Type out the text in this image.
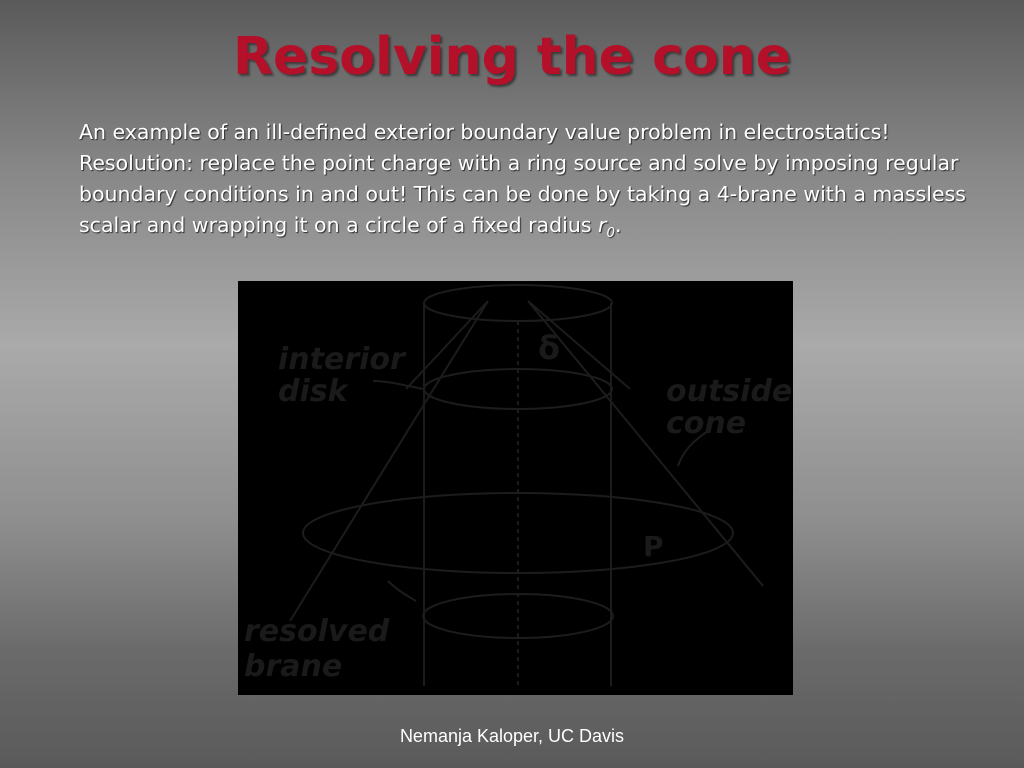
Resolving the cone

An example of an ill-defined exterior boundary value problem in electrostatics! Resolution: replace the point charge with a ring source and solve by imposing regular boundary conditions in and out! This can be done by taking a 4-brane with a massless scalar and wrapping it on a circle of a fixed radius $r_0$.

interior
disk	outside
cone
resolved
brane
δ
P
Nemanja Kaloper, UC Davis
